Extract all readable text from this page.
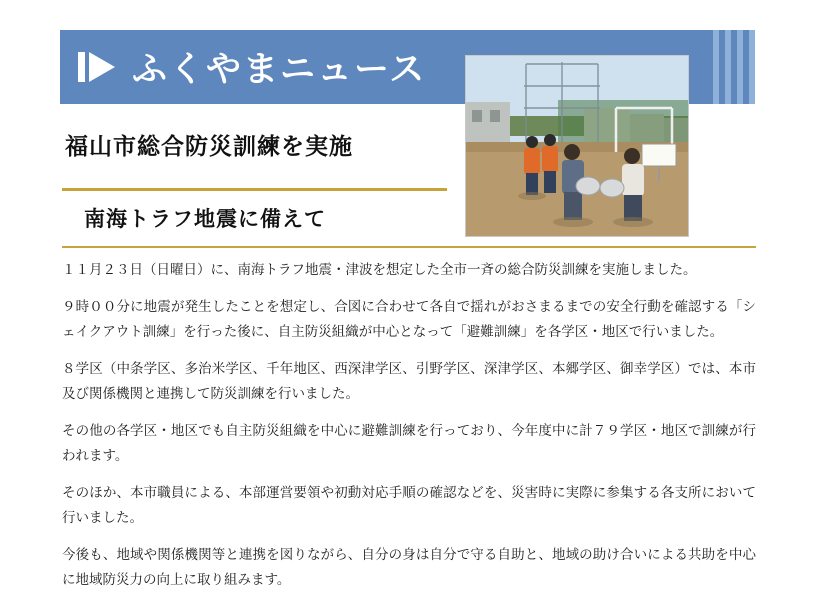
ふくやまニュース
福山市総合防災訓練を実施
南海トラフ地震に備えて

１１月２３日（日曜日）に、南海トラフ地震・津波を想定した全市一斉の総合防災訓練を実施しました。

９時００分に地震が発生したことを想定し、合図に合わせて各自で揺れがおさまるまでの安全行動を確認する「シェイクアウト訓練」を行った後に、自主防災組織が中心となって「避難訓練」を各学区・地区で行いました。

８学区（中条学区、多治米学区、千年地区、西深津学区、引野学区、深津学区、本郷学区、御幸学区）では、本市及び関係機関と連携して防災訓練を行いました。

その他の各学区・地区でも自主防災組織を中心に避難訓練を行っており、今年度中に計７９学区・地区で訓練が行われます。

そのほか、本市職員による、本部運営要領や初動対応手順の確認などを、災害時に実際に参集する各支所において行いました。

今後も、地域や関係機関等と連携を図りながら、自分の身は自分で守る自助と、地域の助け合いによる共助を中心に地域防災力の向上に取り組みます。
